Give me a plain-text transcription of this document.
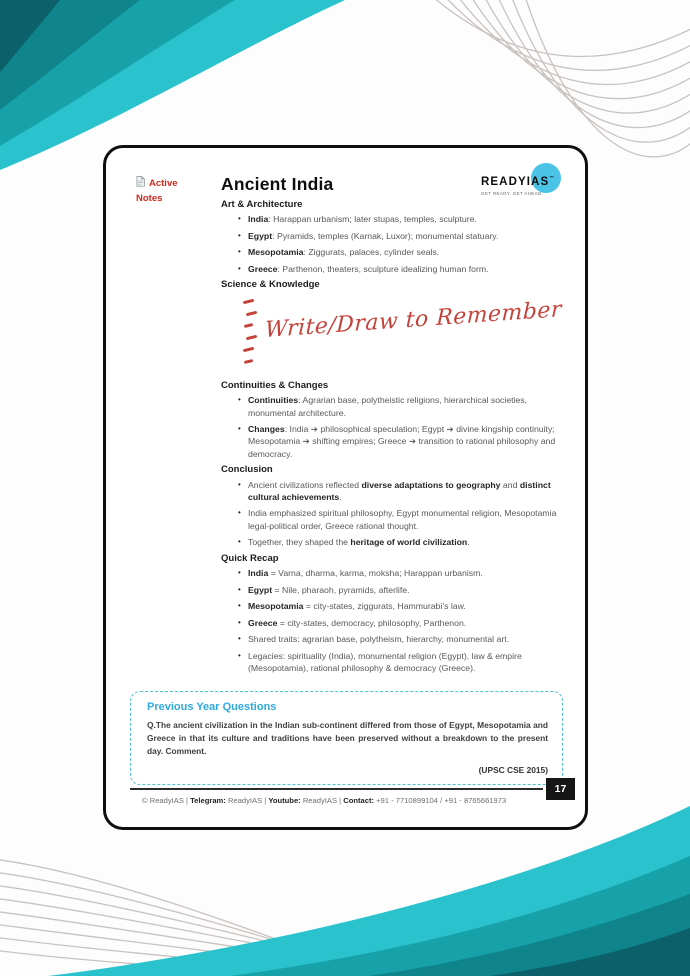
Active Notes
READYIAS™
GET READY. GET AHEAD.
Ancient India
Art & Architecture
• India: Harappan urbanism; later stupas, temples, sculpture.
• Egypt: Pyramids, temples (Karnak, Luxor); monumental statuary.
• Mesopotamia: Ziggurats, palaces, cylinder seals.
• Greece: Parthenon, theaters, sculpture idealizing human form.
Science & Knowledge
Write/Draw to Remember
Continuities & Changes
• Continuities: Agrarian base, polytheistic religions, hierarchical societies, monumental architecture.
• Changes: India ➔ philosophical speculation; Egypt ➔ divine kingship continuity; Mesopotamia ➔ shifting empires; Greece ➔ transition to rational philosophy and democracy.
Conclusion
• Ancient civilizations reflected diverse adaptations to geography and distinct cultural achievements.
• India emphasized spiritual philosophy, Egypt monumental religion, Mesopotamia legal-political order, Greece rational thought.
• Together, they shaped the heritage of world civilization.
Quick Recap
• India = Varna, dharma, karma, moksha; Harappan urbanism.
• Egypt = Nile, pharaoh, pyramids, afterlife.
• Mesopotamia = city-states, ziggurats, Hammurabi’s law.
• Greece = city-states, democracy, philosophy, Parthenon.
• Shared traits: agrarian base, polytheism, hierarchy, monumental art.
• Legacies: spirituality (India), monumental religion (Egypt), law & empire (Mesopotamia), rational philosophy & democracy (Greece).
Previous Year Questions
Q.The ancient civilization in the Indian sub-continent differed from those of Egypt, Mesopotamia and Greece in that its culture and traditions have been preserved without a breakdown to the present day. Comment.
(UPSC CSE 2015)
© ReadyIAS | Telegram: ReadyIAS | Youtube: ReadyIAS | Contact: +91 - 7710899104 / +91 - 8765661973
17
